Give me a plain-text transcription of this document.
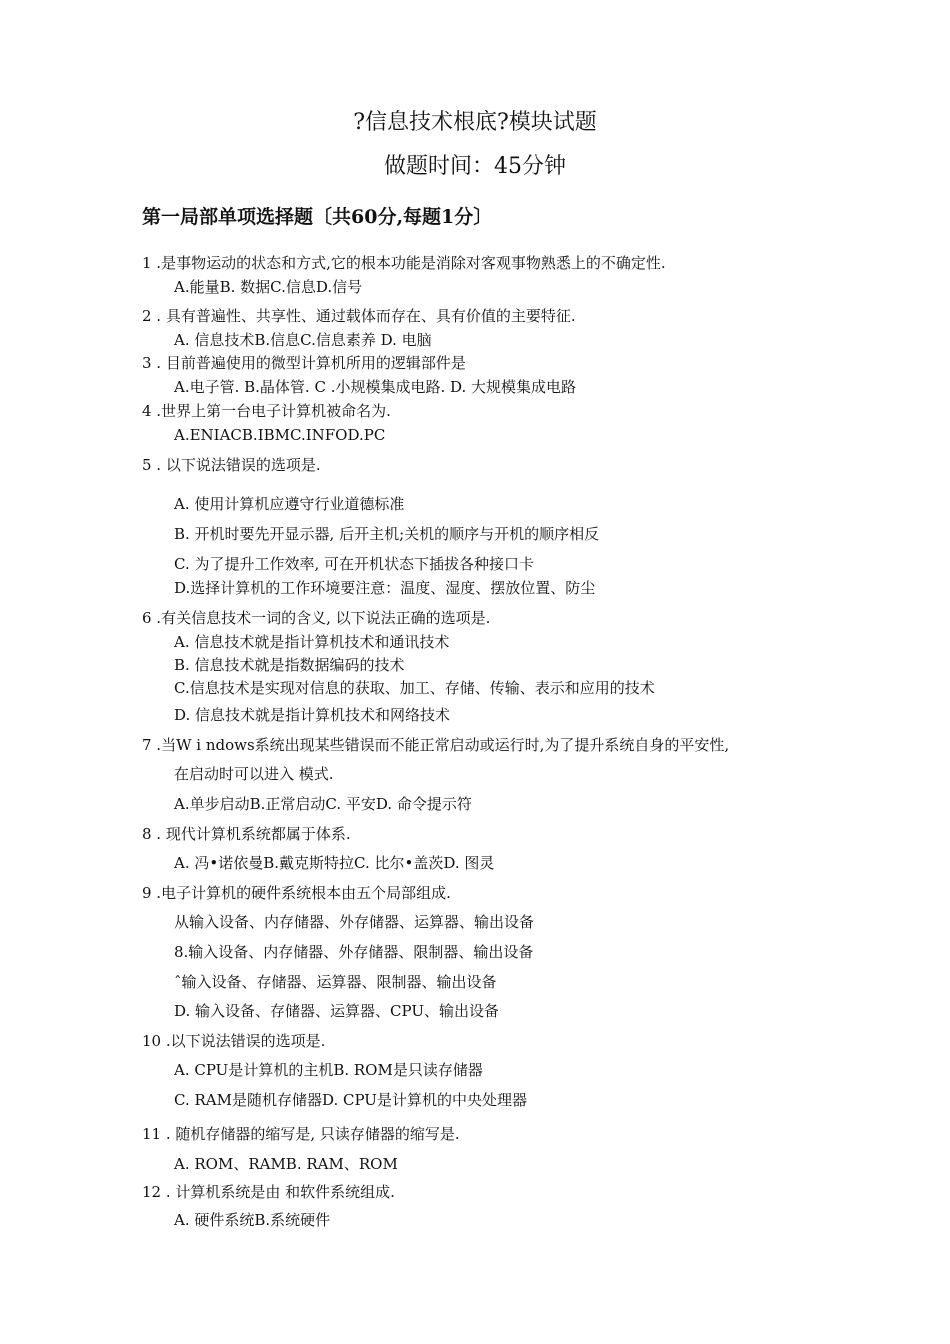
?信息技术根底?模块试题
做题时间：45分钟
第一局部单项选择题〔共60分,每题1分〕
1 .是事物运动的状态和方式,它的根本功能是消除对客观事物熟悉上的不确定性.
A.能量B. 数据C.信息D.信号
2 . 具有普遍性、共享性、通过载体而存在、具有价值的主要特征.
A. 信息技术B.信息C.信息素养 D. 电脑
3 . 目前普遍使用的微型计算机所用的逻辑部件是
A.电子管. B.晶体管. C .小规模集成电路. D. 大规模集成电路
4 .世界上第一台电子计算机被命名为.
A.ENIACB.IBMC.INFOD.PC
5 . 以下说法错误的选项是.
A. 使用计算机应遵守行业道德标准
B. 开机时要先开显示器, 后开主机;关机的顺序与开机的顺序相反
C. 为了提升工作效率, 可在开机状态下插拔各种接口卡
D.选择计算机的工作环境要注意：温度、湿度、摆放位置、防尘
6 .有关信息技术一词的含义, 以下说法正确的选项是.
A. 信息技术就是指计算机技术和通讯技术
B. 信息技术就是指数据编码的技术
C.信息技术是实现对信息的获取、加工、存储、传输、表示和应用的技术
D. 信息技术就是指计算机技术和网络技术
7 .当W i ndows系统出现某些错误而不能正常启动或运行时,为了提升系统自身的平安性,
在启动时可以进入 模式.
A.单步启动B.正常启动C. 平安D. 命令提示符
8 . 现代计算机系统都属于体系.
A. 冯•诺依曼B.戴克斯特拉C. 比尔•盖茨D. 图灵
9 .电子计算机的硬件系统根本由五个局部组成.
从输入设备、内存储器、外存储器、运算器、输出设备
8.输入设备、内存储器、外存储器、限制器、输出设备
ˆ输入设备、存储器、运算器、限制器、输出设备
D. 输入设备、存储器、运算器、CPU、输出设备
10 .以下说法错误的选项是.
A. CPU是计算机的主机B. ROM是只读存储器
C. RAM是随机存储器D. CPU是计算机的中央处理器
11 . 随机存储器的缩写是, 只读存储器的缩写是.
A. ROM、RAMB. RAM、ROM
12 . 计算机系统是由 和软件系统组成.
A. 硬件系统B.系统硬件
